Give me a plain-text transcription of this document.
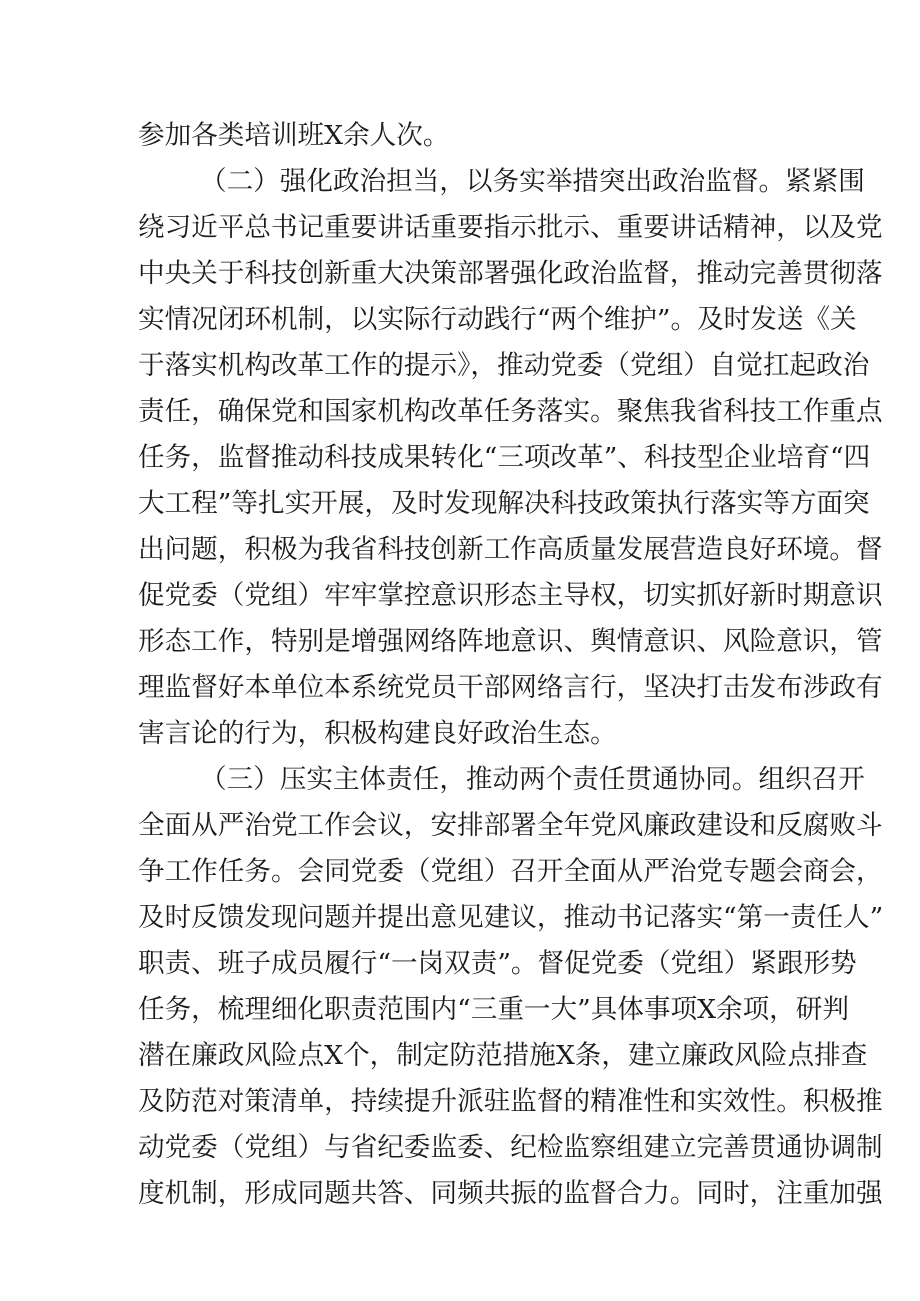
参加各类培训班X余人次。
（二）强化政治担当，以务实举措突出政治监督。紧紧围
绕习近平总书记重要讲话重要指示批示、重要讲话精神，以及党
中央关于科技创新重大决策部署强化政治监督，推动完善贯彻落
实情况闭环机制，以实际行动践行“两个维护”。及时发送《关
于落实机构改革工作的提示》，推动党委（党组）自觉扛起政治
责任，确保党和国家机构改革任务落实。聚焦我省科技工作重点
任务，监督推动科技成果转化“三项改革”、科技型企业培育“四
大工程”等扎实开展，及时发现解决科技政策执行落实等方面突
出问题，积极为我省科技创新工作高质量发展营造良好环境。督
促党委（党组）牢牢掌控意识形态主导权，切实抓好新时期意识
形态工作，特别是增强网络阵地意识、舆情意识、风险意识，管
理监督好本单位本系统党员干部网络言行，坚决打击发布涉政有
害言论的行为，积极构建良好政治生态。
（三）压实主体责任，推动两个责任贯通协同。组织召开
全面从严治党工作会议，安排部署全年党风廉政建设和反腐败斗
争工作任务。会同党委（党组）召开全面从严治党专题会商会，
及时反馈发现问题并提出意见建议，推动书记落实“第一责任人”
职责、班子成员履行“一岗双责”。督促党委（党组）紧跟形势
任务，梳理细化职责范围内“三重一大”具体事项X余项，研判
潜在廉政风险点X个，制定防范措施X条，建立廉政风险点排查
及防范对策清单，持续提升派驻监督的精准性和实效性。积极推
动党委（党组）与省纪委监委、纪检监察组建立完善贯通协调制
度机制，形成同题共答、同频共振的监督合力。同时，注重加强
